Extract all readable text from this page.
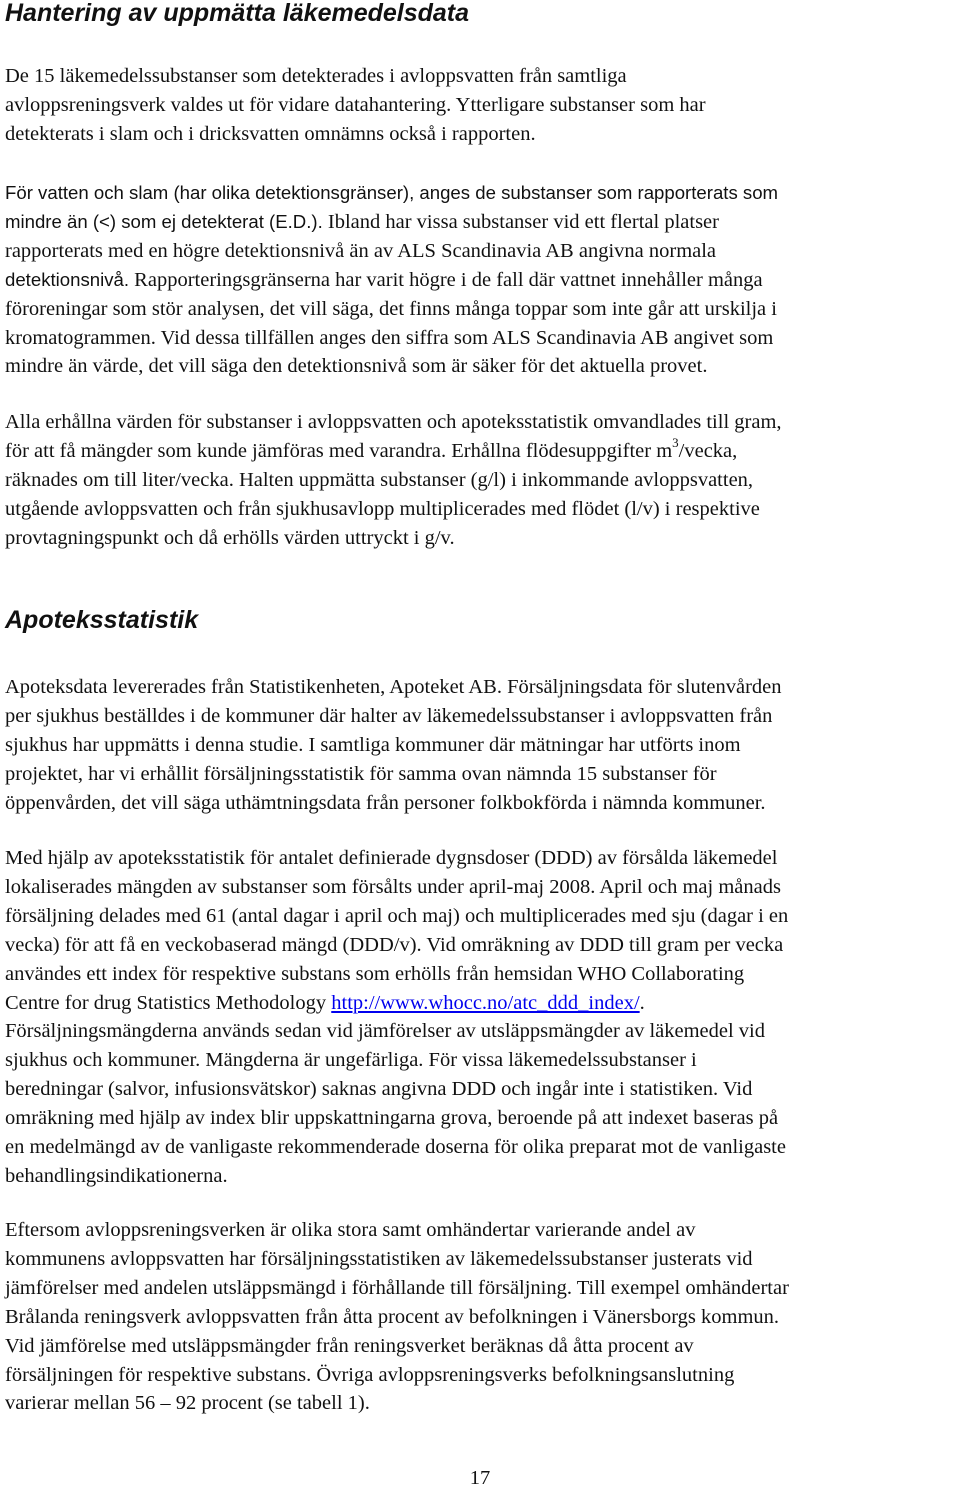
Hantering av uppmätta läkemedelsdata

De 15 läkemedelssubstanser som detekterades i avloppsvatten från samtliga
avloppsreningsverk valdes ut för vidare datahantering. Ytterligare substanser som har
detekterats i slam och i dricksvatten omnämns också i rapporten.

För vatten och slam (har olika detektionsgränser), anges de substanser som rapporterats som
mindre än (<) som ej detekterat (E.D.). Ibland har vissa substanser vid ett flertal platser
rapporterats med en högre detektionsnivå än av ALS Scandinavia AB angivna normala
detektionsnivå. Rapporteringsgränserna har varit högre i de fall där vattnet innehåller många
föroreningar som stör analysen, det vill säga, det finns många toppar som inte går att urskilja i
kromatogrammen. Vid dessa tillfällen anges den siffra som ALS Scandinavia AB angivet som
mindre än värde, det vill säga den detektionsnivå som är säker för det aktuella provet.

Alla erhållna värden för substanser i avloppsvatten och apoteksstatistik omvandlades till gram,
för att få mängder som kunde jämföras med varandra. Erhållna flödesuppgifter $m^3$/vecka,
räknades om till liter/vecka. Halten uppmätta substanser (g/l) i inkommande avloppsvatten,
utgående avloppsvatten och från sjukhusavlopp multiplicerades med flödet (l/v) i respektive
provtagningspunkt och då erhölls värden uttryckt i g/v.

Apoteksstatistik

Apoteksdata levererades från Statistikenheten, Apoteket AB. Försäljningsdata för slutenvården
per sjukhus beställdes i de kommuner där halter av läkemedelssubstanser i avloppsvatten från
sjukhus har uppmätts i denna studie. I samtliga kommuner där mätningar har utförts inom
projektet, har vi erhållit försäljningsstatistik för samma ovan nämnda 15 substanser för
öppenvården, det vill säga uthämtningsdata från personer folkbokförda i nämnda kommuner.

Med hjälp av apoteksstatistik för antalet definierade dygnsdoser (DDD) av försålda läkemedel
lokaliserades mängden av substanser som försålts under april-maj 2008. April och maj månads
försäljning delades med 61 (antal dagar i april och maj) och multiplicerades med sju (dagar i en
vecka) för att få en veckobaserad mängd (DDD/v). Vid omräkning av DDD till gram per vecka
användes ett index för respektive substans som erhölls från hemsidan WHO Collaborating
Centre for drug Statistics Methodology http://www.whocc.no/atc_ddd_index/.
Försäljningsmängderna används sedan vid jämförelser av utsläppsmängder av läkemedel vid
sjukhus och kommuner. Mängderna är ungefärliga. För vissa läkemedelssubstanser i
beredningar (salvor, infusionsvätskor) saknas angivna DDD och ingår inte i statistiken. Vid
omräkning med hjälp av index blir uppskattningarna grova, beroende på att indexet baseras på
en medelmängd av de vanligaste rekommenderade doserna för olika preparat mot de vanligaste
behandlingsindikationerna.

Eftersom avloppsreningsverken är olika stora samt omhändertar varierande andel av
kommunens avloppsvatten har försäljningsstatistiken av läkemedelssubstanser justerats vid
jämförelser med andelen utsläppsmängd i förhållande till försäljning. Till exempel omhändertar
Brålanda reningsverk avloppsvatten från åtta procent av befolkningen i Vänersborgs kommun.
Vid jämförelse med utsläppsmängder från reningsverket beräknas då åtta procent av
försäljningen för respektive substans. Övriga avloppsreningsverks befolkningsanslutning
varierar mellan 56 – 92 procent (se tabell 1).

17
